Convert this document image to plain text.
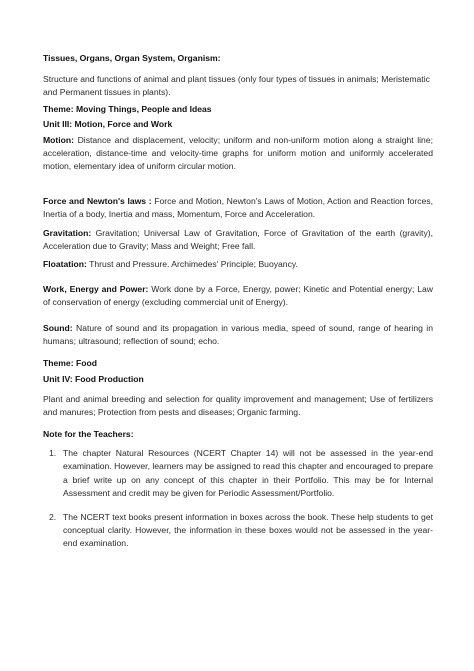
Tissues, Organs, Organ System, Organism:

Structure and functions of animal and plant tissues (only four types of tissues in animals; Meristematic and Permanent tissues in plants).

Theme: Moving Things, People and Ideas

Unit III: Motion, Force and Work

Motion: Distance and displacement, velocity; uniform and non-uniform motion along a straight line; acceleration, distance-time and velocity-time graphs for uniform motion and uniformly accelerated motion, elementary idea of uniform circular motion.

Force and Newton's laws : Force and Motion, Newton's Laws of Motion, Action and Reaction forces, Inertia of a body, Inertia and mass, Momentum, Force and Acceleration.

Gravitation: Gravitation; Universal Law of Gravitation, Force of Gravitation of the earth (gravity), Acceleration due to Gravity; Mass and Weight; Free fall.

Floatation: Thrust and Pressure. Archimedes' Principle; Buoyancy.

Work, Energy and Power: Work done by a Force, Energy, power; Kinetic and Potential energy; Law of conservation of energy (excluding commercial unit of Energy).

Sound: Nature of sound and its propagation in various media, speed of sound, range of hearing in humans; ultrasound; reflection of sound; echo.

Theme: Food

Unit IV: Food Production

Plant and animal breeding and selection for quality improvement and management; Use of fertilizers and manures; Protection from pests and diseases; Organic farming.

Note for the Teachers:

1. The chapter Natural Resources (NCERT Chapter 14) will not be assessed in the year-end examination. However, learners may be assigned to read this chapter and encouraged to prepare a brief write up on any concept of this chapter in their Portfolio. This may be for Internal Assessment and credit may be given for Periodic Assessment/Portfolio.
2. The NCERT text books present information in boxes across the book. These help students to get conceptual clarity. However, the information in these boxes would not be assessed in the year-end examination.
